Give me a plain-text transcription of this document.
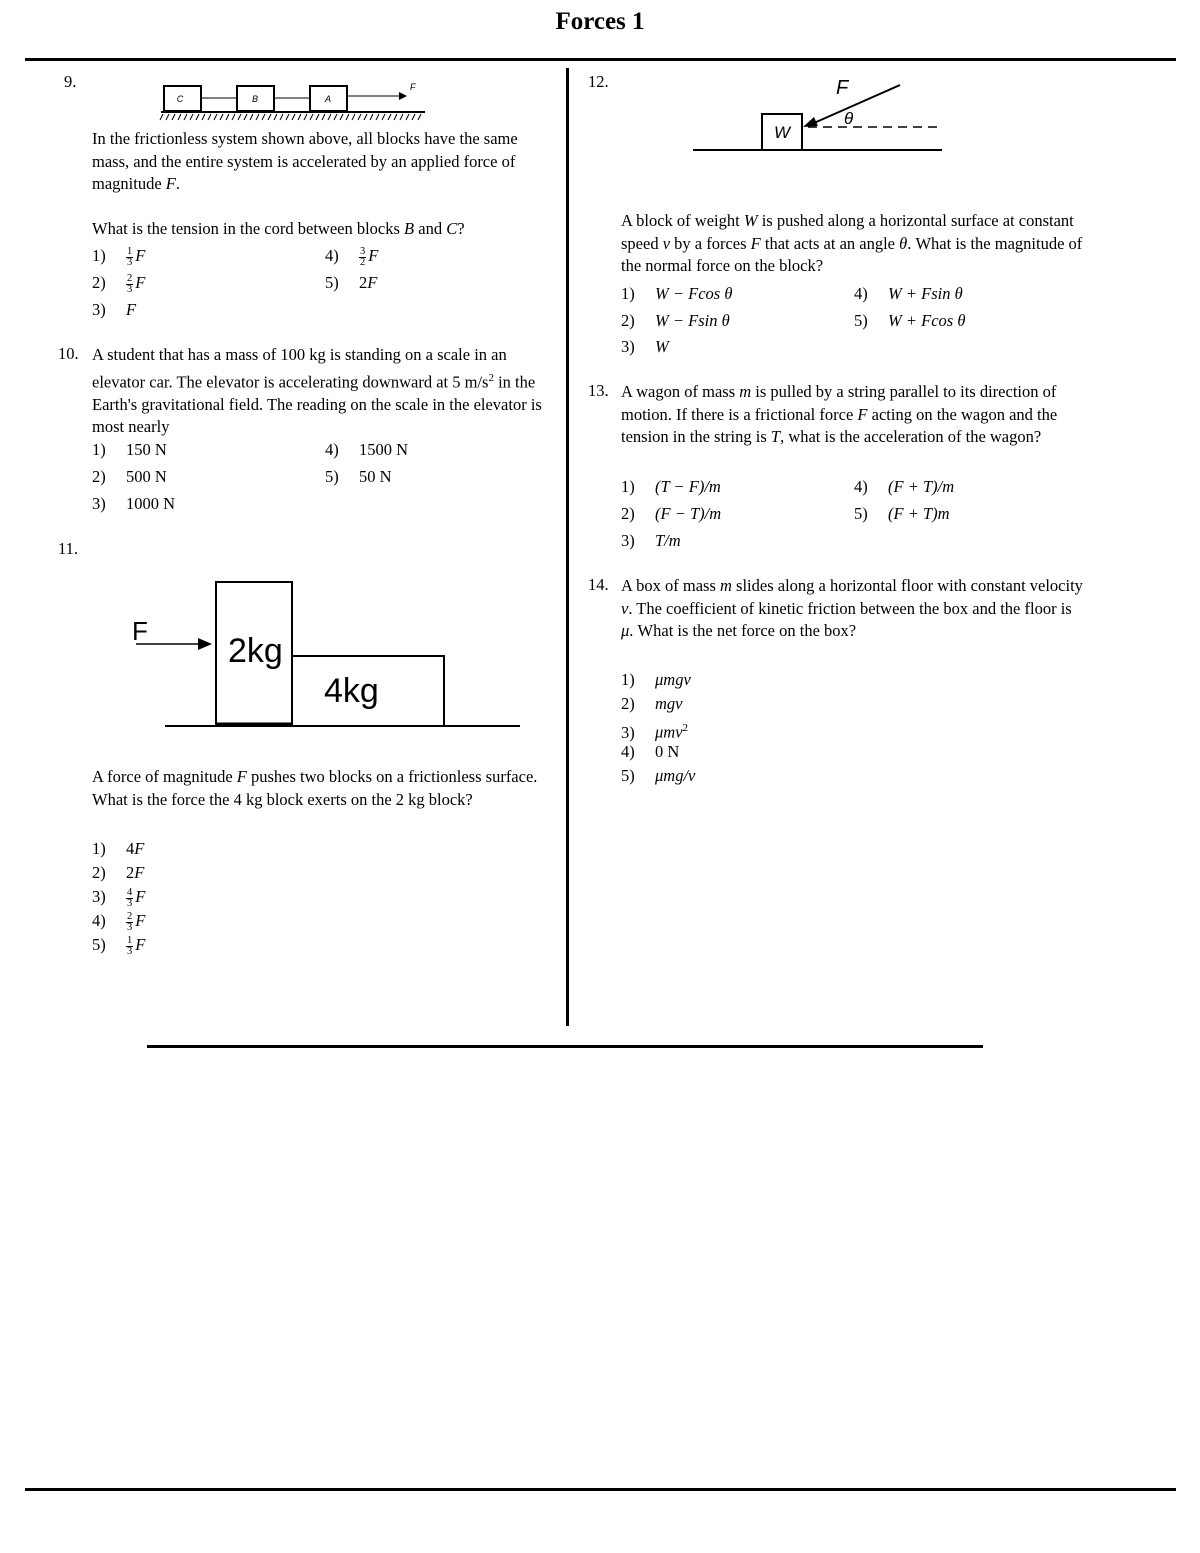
Forces 1
9.
C	B	A
F
In the frictionless system shown above, all blocks have the same mass, and the entire system is accelerated by an applied force of magnitude F.
What is the tension in the cord between blocks B and C?
$1) \frac{1}{3}$ F
$2) \frac{2}{3}$ F
3) F
$4) \frac{3}{2}$ F
5) 2F
10. A student that has a mass of 100 kg is standing on a scale in an elevator car. The elevator is accelerating downward at 5 $m/s^2$ in the Earth's gravitational field. The reading on the scale in the elevator is most nearly
1) 150 N
2) 500 N
3) 1000 N
4) 1500 N
5) 50 N
11.
F
2kg
4kg
A force of magnitude F pushes two blocks on a frictionless surface. What is the force the 4 kg block exerts on the 2 kg block?
1) 4F
2) 2F
$3) \frac{4}{3}$ F
$4) \frac{2}{3}$ F
$5) \frac{1}{3}$ F
12.	F
θ
W
A block of weight W is pushed along a horizontal surface at constant speed v by a forces F that acts at an angle θ. What is the magnitude of the normal force on the block?
1) W − Fcos θ
2) W − Fsin θ
3) W
4) W + Fsin θ
5) W + Fcos θ
13. A wagon of mass m is pulled by a string parallel to its direction of motion. If there is a frictional force F acting on the wagon and the tension in the string is T, what is the acceleration of the wagon?
1) (T − F)/m
2) (F − T)/m
3) T/m
4) (F + T)/m
5) (F + T)m
14. A box of mass m slides along a horizontal floor with constant velocity v. The coefficient of kinetic friction between the box and the floor is μ. What is the net force on the box?
1) μmgv
2) mgv
3) μmv$^2$
4) 0 N
5) μmg/v
